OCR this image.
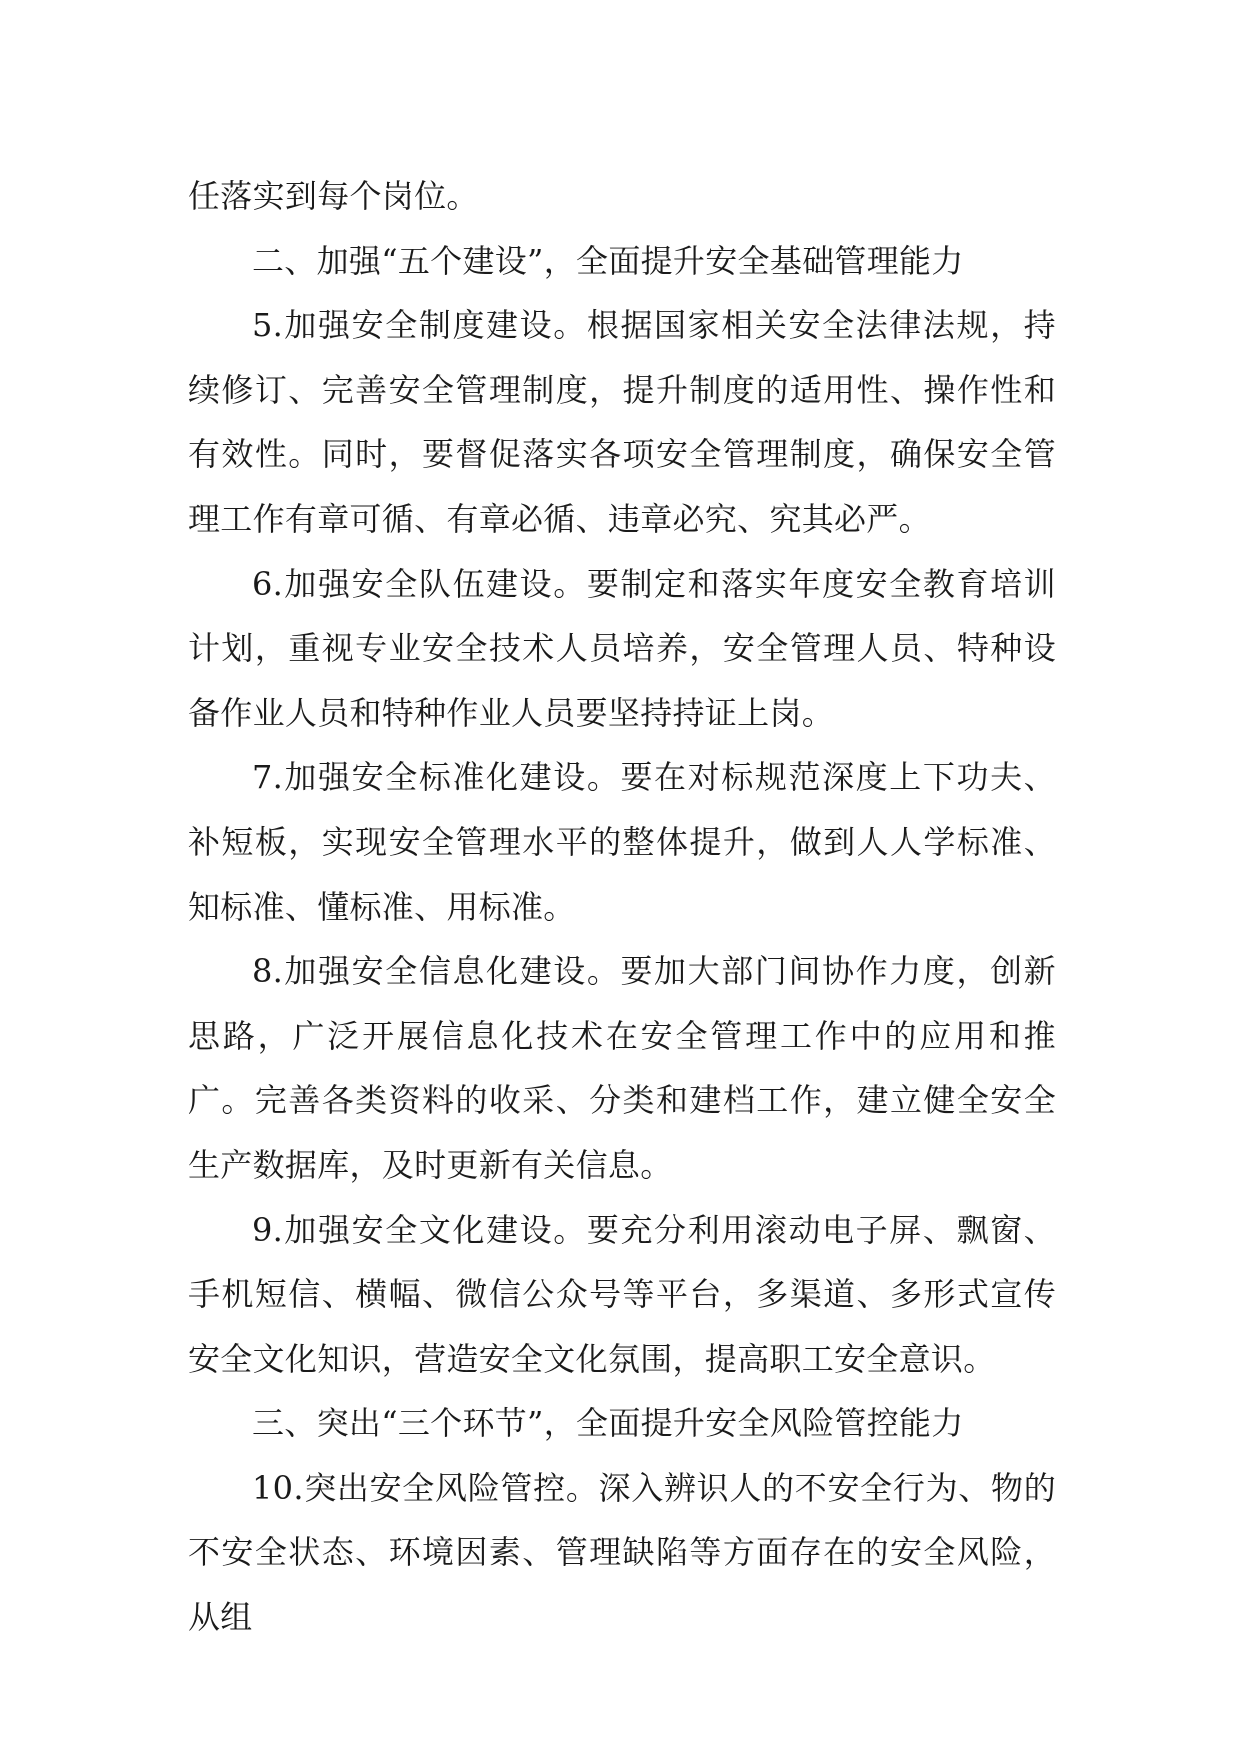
任落实到每个岗位。

二、加强“五个建设”，全面提升安全基础管理能力

5.加强安全制度建设。根据国家相关安全法律法规，持续修订、完善安全管理制度，提升制度的适用性、操作性和有效性。同时，要督促落实各项安全管理制度，确保安全管理工作有章可循、有章必循、违章必究、究其必严。

6.加强安全队伍建设。要制定和落实年度安全教育培训计划，重视专业安全技术人员培养，安全管理人员、特种设备作业人员和特种作业人员要坚持持证上岗。

7.加强安全标准化建设。要在对标规范深度上下功夫、补短板，实现安全管理水平的整体提升，做到人人学标准、知标准、懂标准、用标准。

8.加强安全信息化建设。要加大部门间协作力度，创新思路，广泛开展信息化技术在安全管理工作中的应用和推广。完善各类资料的收采、分类和建档工作，建立健全安全生产数据库，及时更新有关信息。

9.加强安全文化建设。要充分利用滚动电子屏、飘窗、手机短信、横幅、微信公众号等平台，多渠道、多形式宣传安全文化知识，营造安全文化氛围，提高职工安全意识。

三、突出“三个环节”，全面提升安全风险管控能力

10.突出安全风险管控。深入辨识人的不安全行为、物的不安全状态、环境因素、管理缺陷等方面存在的安全风险，从组
